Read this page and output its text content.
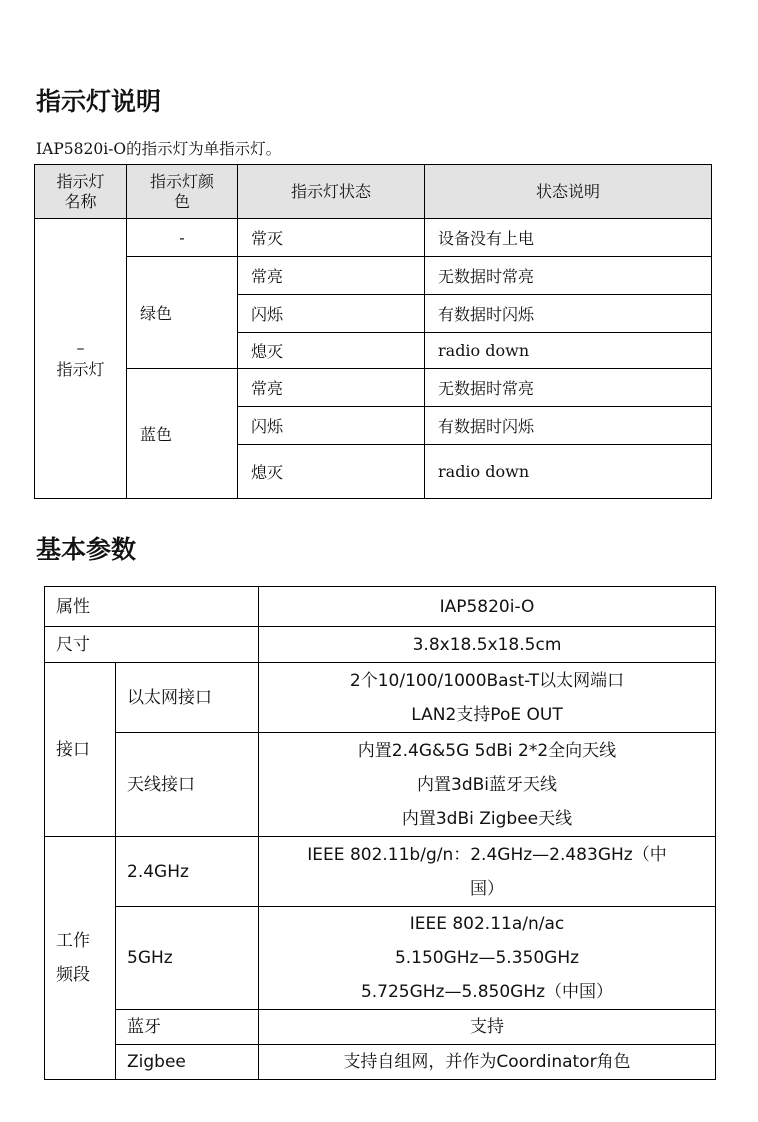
指示灯说明
IAP5820i-O的指示灯为单指示灯。
指示灯
名称	指示灯颜
色	指示灯状态	状态说明

–
指示灯	-	常灭	设备没有上电
	绿色	常亮	无数据时常亮
		闪烁	有数据时闪烁
		熄灭	radio down
	蓝色	常亮	无数据时常亮
		闪烁	有数据时闪烁
		熄灭	radio down
基本参数
属性		IAP5820i-O
尺寸		3.8x18.5x18.5cm
接口	以太网接口	2个10/100/1000Bast-T以太网端口
LAN2支持PoE OUT

	天线接口	内置2.4G&5G 5dBi 2*2全向天线
内置3dBi蓝牙天线
内置3dBi Zigbee天线

工作
频段	2.4GHz	IEEE 802.11b/g/n：2.4GHz—2.483GHz（中
国）

	5GHz	IEEE 802.11a/n/ac
5.150GHz—5.350GHz
5.725GHz—5.850GHz（中国）

	蓝牙	支持
	Zigbee	支持自组网，并作为Coordinator角色
